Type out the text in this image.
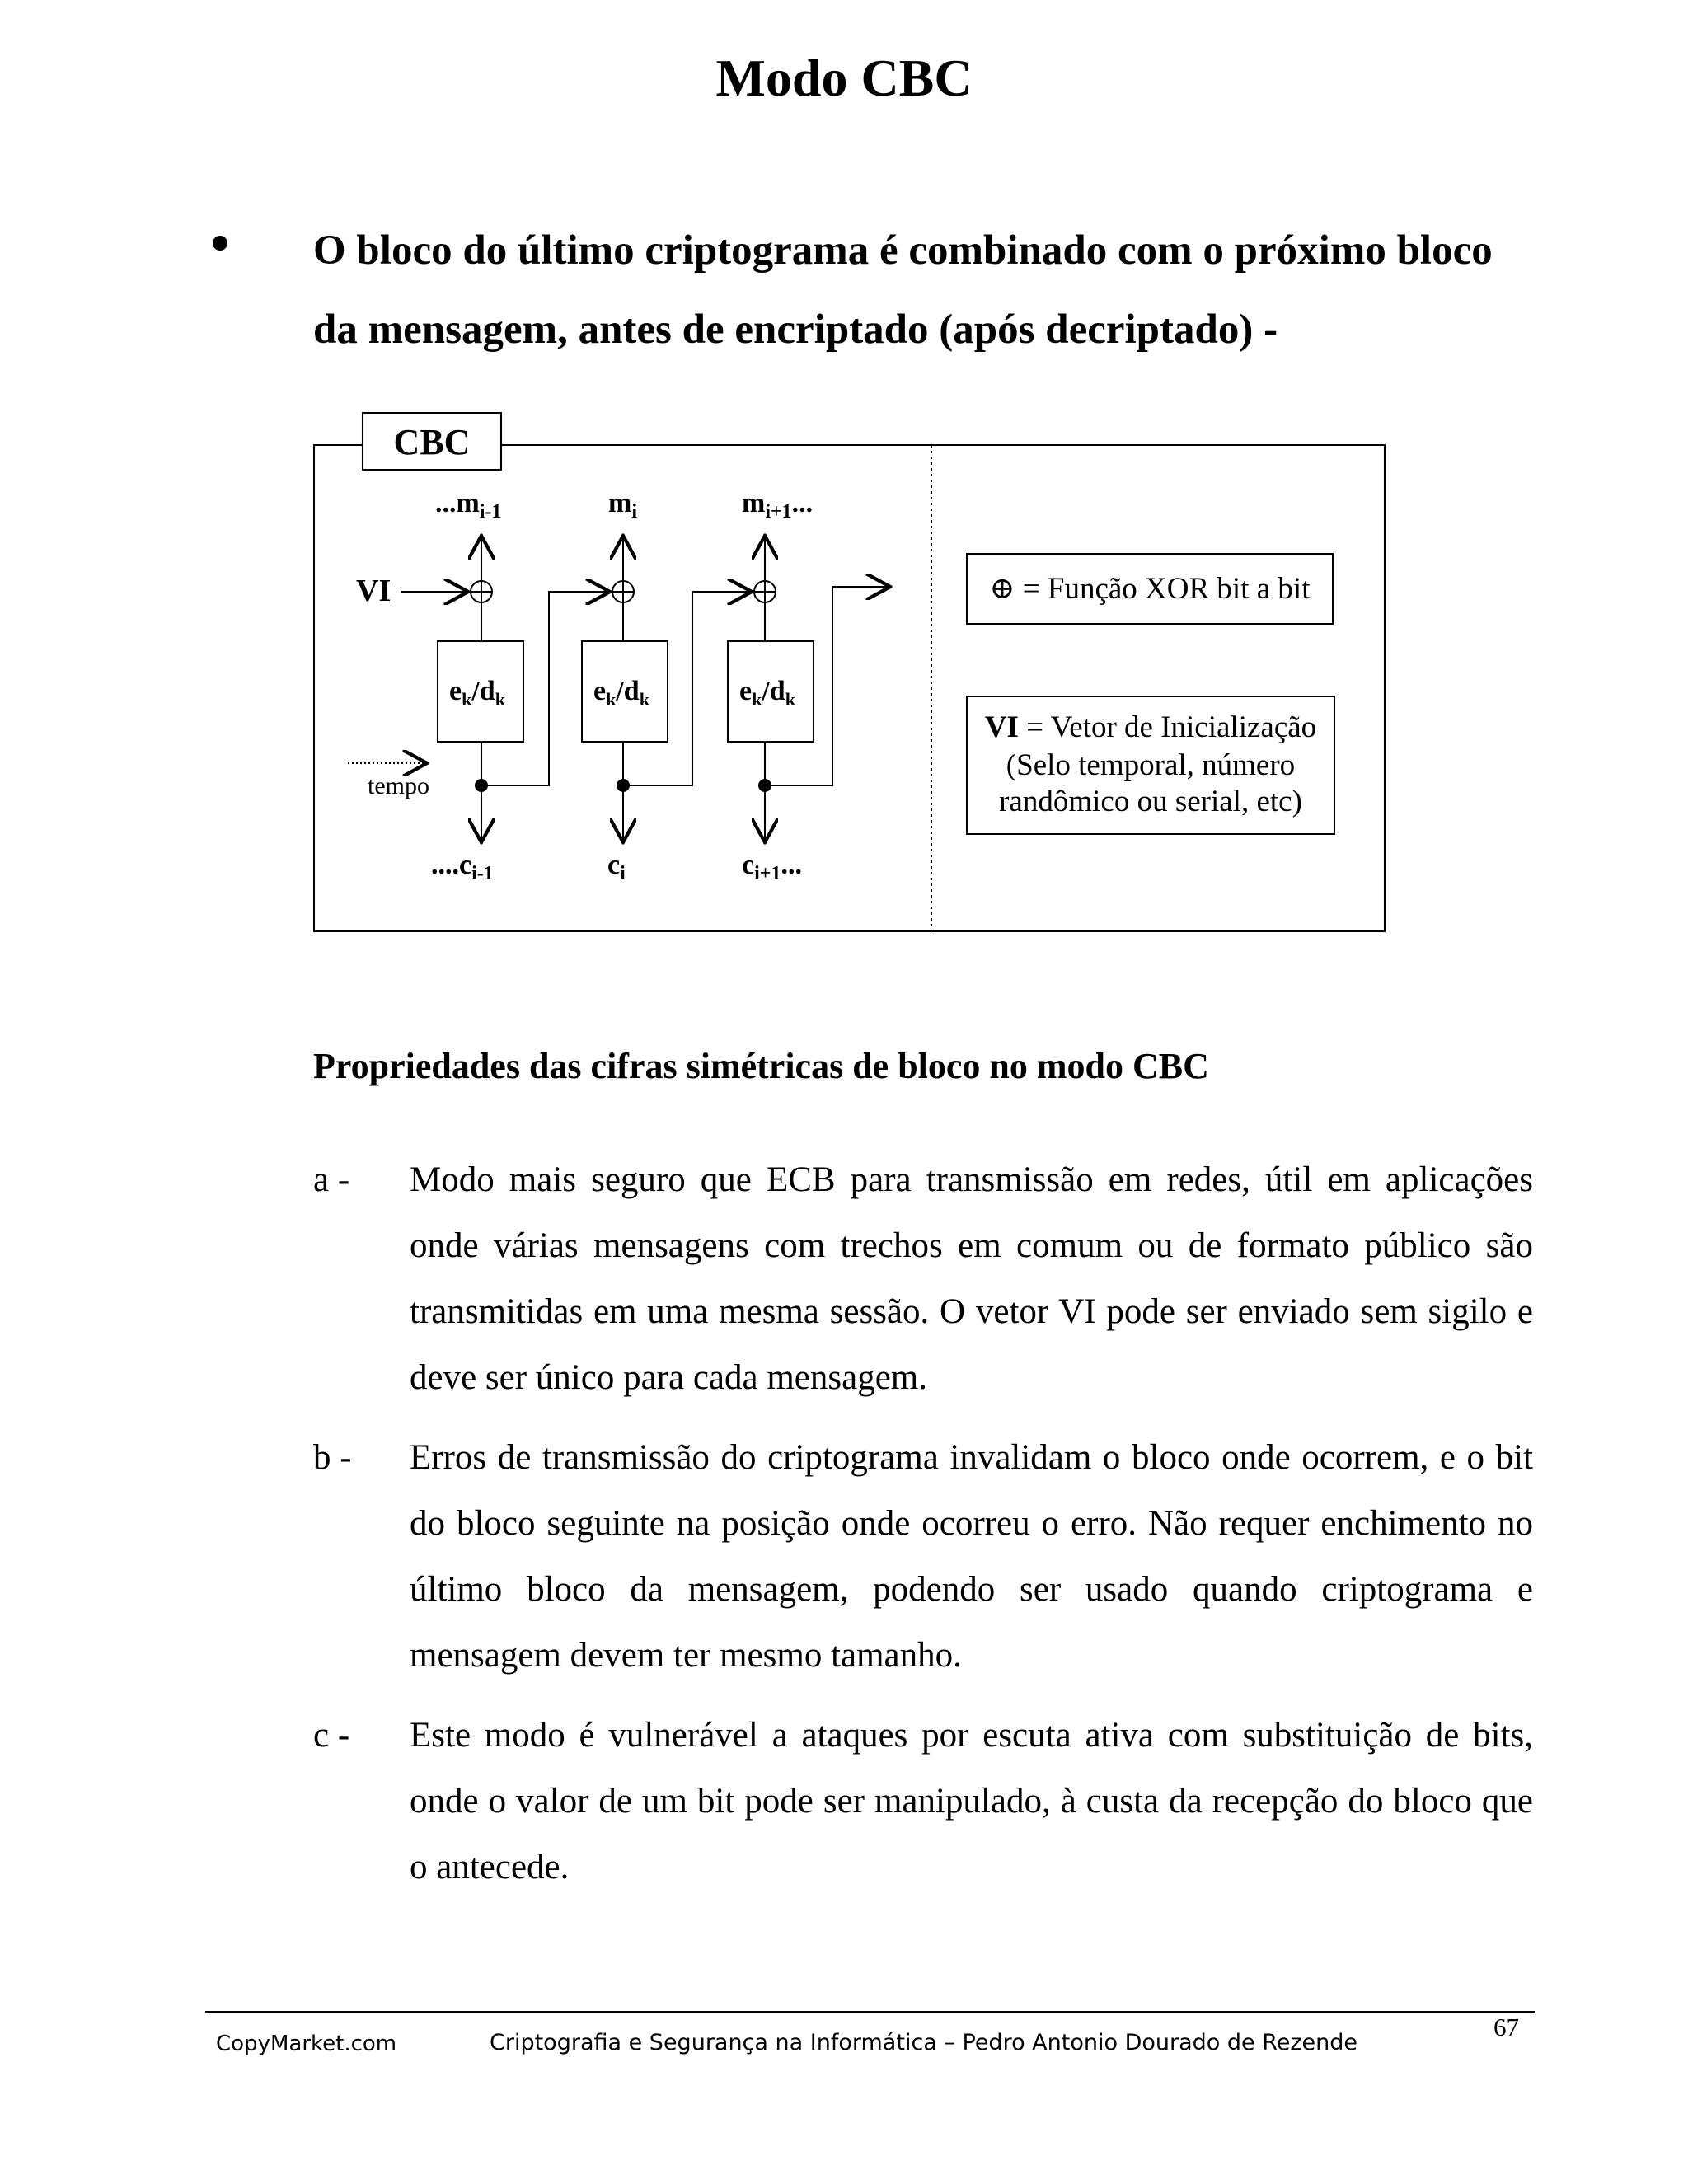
Modo CBC
O bloco do último criptograma é combinado com o próximo bloco da mensagem, antes de encriptado (após decriptado) -
CBC
$...m_{i-1}$	$m_i$	$m_{i+1}$...
VI
$e_k/d_k$	$e_k/d_k$	$e_k/d_k$
tempo
$....c_{i-1}$	$c_i$	$c_{i+1}$...
⊕ = Função XOR bit a bit
VI = Vetor de Inicialização
(Selo temporal, número
randômico ou serial, etc)
Propriedades das cifras simétricas de bloco no modo CBC
a - Modo mais seguro que ECB para transmissão em redes, útil em aplicações onde várias mensagens com trechos em comum ou de formato público são transmitidas em uma mesma sessão. O vetor VI pode ser enviado sem sigilo e deve ser único para cada mensagem.
b - Erros de transmissão do criptograma invalidam o bloco onde ocorrem, e o bit do bloco seguinte na posição onde ocorreu o erro. Não requer enchimento no último bloco da mensagem, podendo ser usado quando criptograma e mensagem devem ter mesmo tamanho.
c - Este modo é vulnerável a ataques por escuta ativa com substituição de bits, onde o valor de um bit pode ser manipulado, à custa da recepção do bloco que o antecede.
CopyMarket.com	Criptografia e Segurança na Informática – Pedro Antonio Dourado de Rezende
67
